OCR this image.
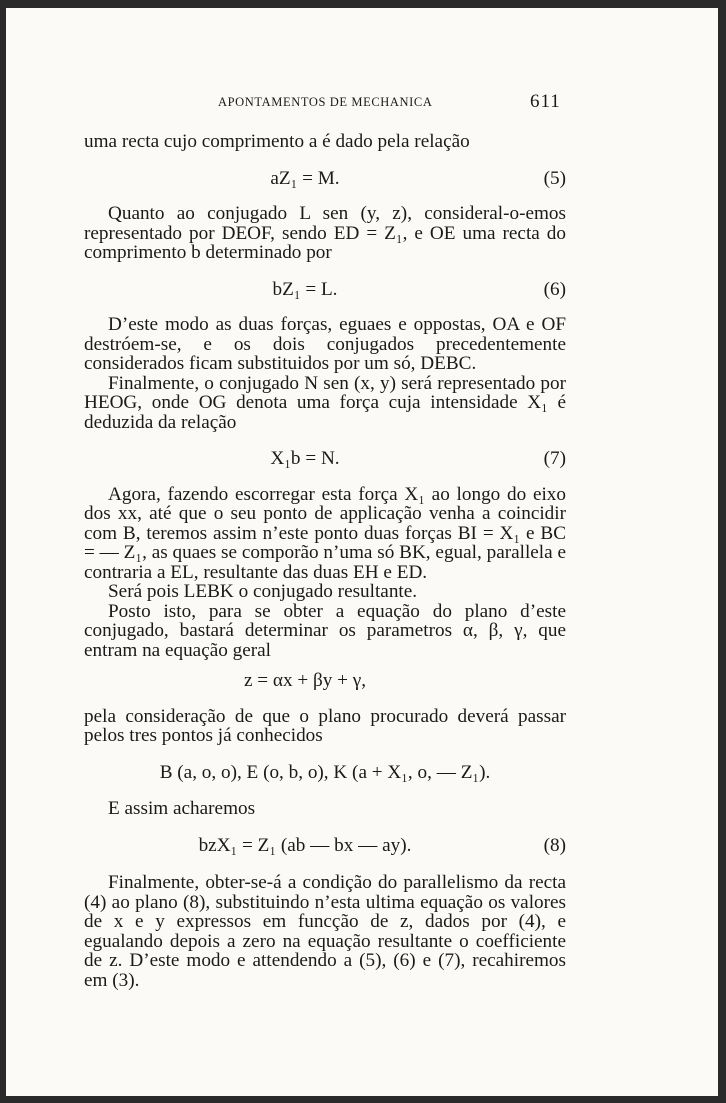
APONTAMENTOS DE MECHANICA	611

uma recta cujo comprimento a é dado pela relação

aZ₁ = M.	(5)

Quanto ao conjugado L sen (y, z), consideral-o-emos representado por DEOF, sendo ED = Z₁, e OE uma recta do comprimento b determinado por

bZ₁ = L.	(6)

D’este modo as duas forças, eguaes e oppostas, OA e OF destróem-se, e os dois conjugados precedentemente considerados ficam substituidos por um só, DEBC.

Finalmente, o conjugado N sen (x, y) será representado por HEOG, onde OG denota uma força cuja intensidade X₁ é deduzida da relação

X₁b = N.	(7)

Agora, fazendo escorregar esta força X₁ ao longo do eixo dos xx, até que o seu ponto de applicação venha a coincidir com B, teremos assim n’este ponto duas forças BI = X₁ e BC = — Z₁, as quaes se comporão n’uma só BK, egual, parallela e contraria a EL, resultante das duas EH e ED.

Será pois LEBK o conjugado resultante.

Posto isto, para se obter a equação do plano d’este conjugado, bastará determinar os parametros α, β, γ, que entram na equação geral

z = αx + βy + γ,

pela consideração de que o plano procurado deverá passar pelos tres pontos já conhecidos

B (a, o, o), E (o, b, o), K (a + X₁, o, — Z₁).

E assim acharemos

bzX₁ = Z₁ (ab — bx — ay).	(8)

Finalmente, obter-se-á a condição do parallelismo da recta (4) ao plano (8), substituindo n’esta ultima equação os valores de x e y expressos em funcção de z, dados por (4), e egualando depois a zero na equação resultante o coefficiente de z. D’este modo e attendendo a (5), (6) e (7), recahiremos em (3).
